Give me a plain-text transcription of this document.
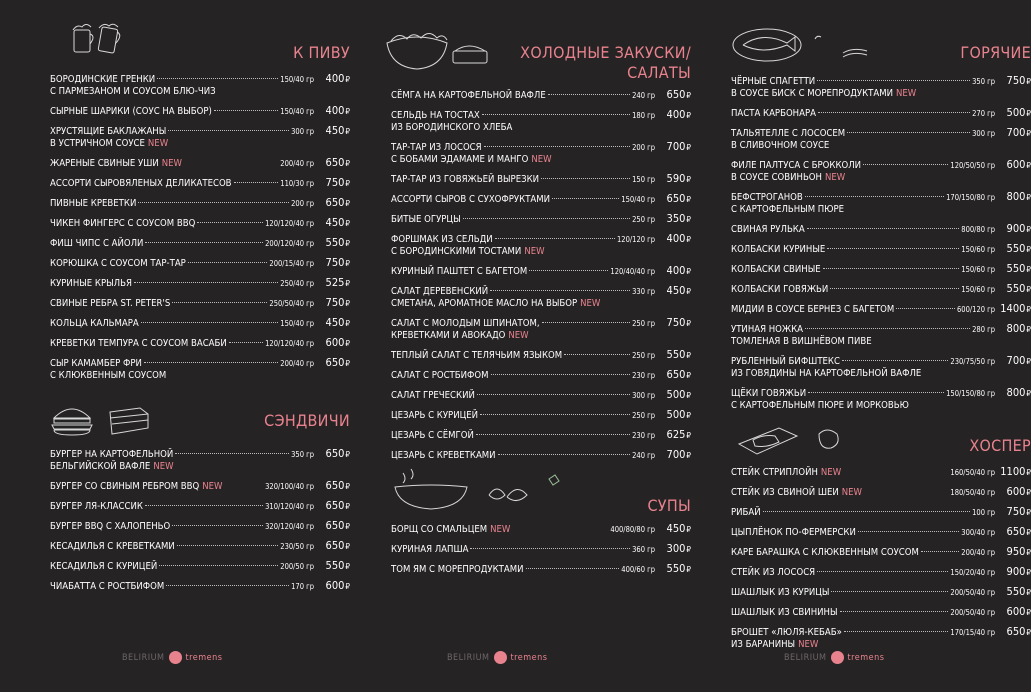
К ПИВУ
БОРОДИНСКИЕ ГРЕНКИ	150/40 гр	400₽
С ПАРМЕЗАНОМ И СОУСОМ БЛЮ-ЧИЗ
СЫРНЫЕ ШАРИКИ (СОУС НА ВЫБОР)	150/40 гр	400₽
ХРУСТЯЩИЕ БАКЛАЖАНЫ	300 гр	450₽
В УСТРИЧНОМ СОУСЕ NEW
ЖАРЕНЫЕ СВИНЫЕ УШИ NEW	200/40 гр	650₽
АССОРТИ СЫРОВЯЛЕНЫХ ДЕЛИКАТЕСОВ	110/30 гр	750₽
ПИВНЫЕ КРЕВЕТКИ	200 гр	650₽
ЧИКЕН ФИНГЕРС С СОУСОМ BBQ	120/120/40 гр	450₽
ФИШ ЧИПС С АЙОЛИ	200/120/40 гр	550₽
КОРЮШКА С СОУСОМ ТАР-ТАР	200/15/40 гр	750₽
КУРИНЫЕ КРЫЛЬЯ	250/40 гр	525₽
СВИНЫЕ РЕБРА ST. PETER'S	250/50/40 гр	750₽
КОЛЬЦА КАЛЬМАРА	150/40 гр	450₽
КРЕВЕТКИ ТЕМПУРА С СОУСОМ ВАСАБИ	120/120/40 гр	600₽
СЫР КАМАМБЕР ФРИ	200/40 гр	650₽
С КЛЮКВЕННЫМ СОУСОМ
СЭНДВИЧИ
БУРГЕР НА КАРТОФЕЛЬНОЙ	350 гр	650₽
БЕЛЬГИЙСКОЙ ВАФЛЕ NEW
БУРГЕР СО СВИНЫМ РЕБРОМ BBQ NEW	320/100/40 гр	650₽
БУРГЕР ЛЯ-КЛАССИК	310/120/40 гр	650₽
БУРГЕР BBQ С ХАЛОПЕНЬО	320/120/40 гр	650₽
КЕСАДИЛЬЯ С КРЕВЕТКАМИ	230/50 гр	650₽
КЕСАДИЛЬЯ С КУРИЦЕЙ	200/50 гр	550₽
ЧИАБАТТА С РОСТБИФОМ	170 гр	600₽
ХОЛОДНЫЕ ЗАКУСКИ/
САЛАТЫ
СЁМГА НА КАРТОФЕЛЬНОЙ ВАФЛЕ	240 гр	650₽
СЕЛЬДЬ НА ТОСТАХ	180 гр	400₽
ИЗ БОРОДИНСКОГО ХЛЕБА
ТАР-ТАР ИЗ ЛОСОСЯ	200 гр	700₽
С БОБАМИ ЭДАМАМЕ И МАНГО NEW
ТАР-ТАР ИЗ ГОВЯЖЬЕЙ ВЫРЕЗКИ	150 гр	590₽
АССОРТИ СЫРОВ С СУХОФРУКТАМИ	150/40 гр	650₽
БИТЫЕ ОГУРЦЫ	250 гр	350₽
ФОРШМАК ИЗ СЕЛЬДИ	120/120 гр	400₽
С БОРОДИНСКИМИ ТОСТАМИ NEW
КУРИНЫЙ ПАШТЕТ С БАГЕТОМ	120/40/40 гр	400₽
САЛАТ ДЕРЕВЕНСКИЙ	330 гр	450₽
СМЕТАНА, АРОМАТНОЕ МАСЛО НА ВЫБОР NEW
САЛАТ С МОЛОДЫМ ШПИНАТОМ,	250 гр	750₽
КРЕВЕТКАМИ И АВОКАДО NEW
ТЕПЛЫЙ САЛАТ С ТЕЛЯЧЬИМ ЯЗЫКОМ	250 гр	550₽
САЛАТ С РОСТБИФОМ	230 гр	650₽
САЛАТ ГРЕЧЕСКИЙ	300 гр	500₽
ЦЕЗАРЬ С КУРИЦЕЙ	250 гр	500₽
ЦЕЗАРЬ С СЁМГОЙ	230 гр	625₽
ЦЕЗАРЬ С КРЕВЕТКАМИ	240 гр	700₽
СУПЫ
БОРЩ СО СМАЛЬЦЕМ NEW	400/80/80 гр	450₽
КУРИНАЯ ЛАПША	360 гр	300₽
ТОМ ЯМ С МОРЕПРОДУКТАМИ	400/60 гр	550₽
ГОРЯЧИЕ
ЧЁРНЫЕ СПАГЕТТИ	350 гр	750₽
В СОУСЕ БИСК С МОРЕПРОДУКТАМИ NEW
ПАСТА КАРБОНАРА	270 гр	500₽
ТАЛЬЯТЕЛЛЕ С ЛОСОСЕМ	300 гр	700₽
В СЛИВОЧНОМ СОУСЕ
ФИЛЕ ПАЛТУСА С БРОККОЛИ	120/50/50 гр	600₽
В СОУСЕ СОВИНЬОН NEW
БЕФСТРОГАНОВ	170/150/80 гр	800₽
С КАРТОФЕЛЬНЫМ ПЮРЕ
СВИНАЯ РУЛЬКА	800/80 гр	900₽
КОЛБАСКИ КУРИНЫЕ	150/60 гр	550₽
КОЛБАСКИ СВИНЫЕ	150/60 гр	550₽
КОЛБАСКИ ГОВЯЖЬИ	150/60 гр	550₽
МИДИИ В СОУСЕ БЕРНЕЗ С БАГЕТОМ	600/120 гр 1400₽
УТИНАЯ НОЖКА	280 гр	800₽
ТОМЛЕНАЯ В ВИШНЁВОМ ПИВЕ
РУБЛЕННЫЙ БИФШТЕКС	230/75/50 гр	700₽
ИЗ ГОВЯДИНЫ НА КАРТОФЕЛЬНОЙ ВАФЛЕ
ЩЁКИ ГОВЯЖЬИ	150/150/80 гр	800₽
С КАРТОФЕЛЬНЫМ ПЮРЕ И МОРКОВЬЮ
ХОСПЕР
СТЕЙК СТРИПЛОЙН NEW	160/50/40 гр 1100₽
СТЕЙК ИЗ СВИНОЙ ШЕИ NEW	180/50/40 гр	600₽
РИБАЙ	100 гр	750₽
ЦЫПЛЁНОК ПО-ФЕРМЕРСКИ	300/40 гр	650₽
КАРЕ БАРАШКА С КЛЮКВЕННЫМ СОУСОМ	200/40 гр	950₽
СТЕЙК ИЗ ЛОСОСЯ	150/20/40 гр	900₽
ШАШЛЫК ИЗ КУРИЦЫ	200/50/40 гр	550₽
ШАШЛЫК ИЗ СВИНИНЫ	200/50/40 гр	600₽
БРОШЕТ «ЛЮЛЯ-КЕБАБ»	170/15/40 гр	650₽
ИЗ БАРАНИНЫ NEW
BELIRIUM tremens	BELIRIUM tremens	BELIRIUM tremens
